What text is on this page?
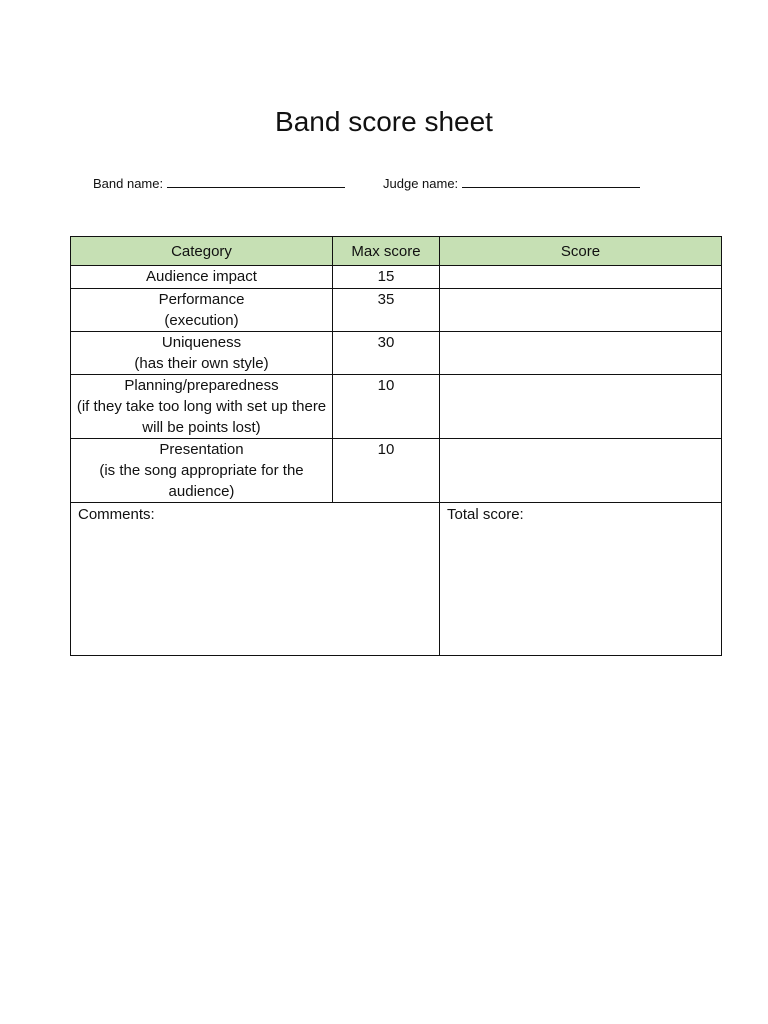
Band score sheet
Band name:	Judge name:
Category	Max score	Score

Audience impact	15	

Performance
(execution)	35	

Uniqueness
(has their own style)	30	

Planning/preparedness
(if they take too long with set up there will be points lost)	10	

Presentation
(is the song appropriate for the audience)	10	
Comments:		Total score:
